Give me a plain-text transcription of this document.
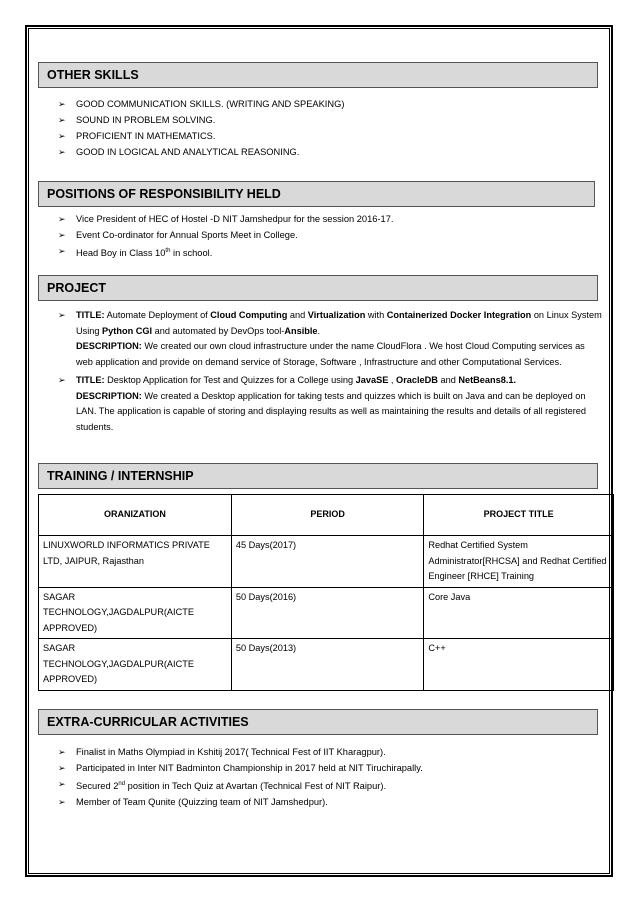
OTHER SKILLS
➢ GOOD COMMUNICATION SKILLS. (WRITING AND SPEAKING)
➢ SOUND IN PROBLEM SOLVING.
➢ PROFICIENT IN MATHEMATICS.
➢ GOOD IN LOGICAL AND ANALYTICAL REASONING.
POSITIONS OF RESPONSIBILITY HELD
➢ Vice President of HEC of Hostel -D NIT Jamshedpur for the session 2016-17.
➢ Event Co-ordinator for Annual Sports Meet in College.
➢ Head Boy in Class 10th in school.
PROJECT
➢ TITLE: Automate Deployment of Cloud Computing and Virtualization with Containerized Docker Integration on Linux System Using Python CGI and automated by DevOps tool-Ansible.
DESCRIPTION: We created our own cloud infrastructure under the name CloudFlora . We host Cloud Computing services as web application and provide on demand service of Storage, Software , Infrastructure and other Computational Services.
➢ TITLE: Desktop Application for Test and Quizzes for a College using JavaSE , OracleDB and NetBeans8.1.
DESCRIPTION: We created a Desktop application for taking tests and quizzes which is built on Java and can be deployed on LAN. The application is capable of storing and displaying results as well as maintaining the results and details of all registered students.
TRAINING / INTERNSHIP
ORANIZATION	PERIOD	PROJECT TITLE
LINUXWORLD INFORMATICS PRIVATE LTD, JAIPUR, Rajasthan	45 Days(2017)	Redhat Certified System Administrator[RHCSA] and Redhat Certified Engineer [RHCE] Training
SAGAR TECHNOLOGY,JAGDALPUR(AICTE APPROVED)	50 Days(2016)	Core Java
SAGAR TECHNOLOGY,JAGDALPUR(AICTE APPROVED)	50 Days(2013)	C++
EXTRA-CURRICULAR ACTIVITIES
➢ Finalist in Maths Olympiad in Kshitij 2017( Technical Fest of IIT Kharagpur).
➢ Participated in Inter NIT Badminton Championship in 2017 held at NIT Tiruchirapally.
➢ Secured 2nd position in Tech Quiz at Avartan (Technical Fest of NIT Raipur).
➢ Member of Team Qunite (Quizzing team of NIT Jamshedpur).
